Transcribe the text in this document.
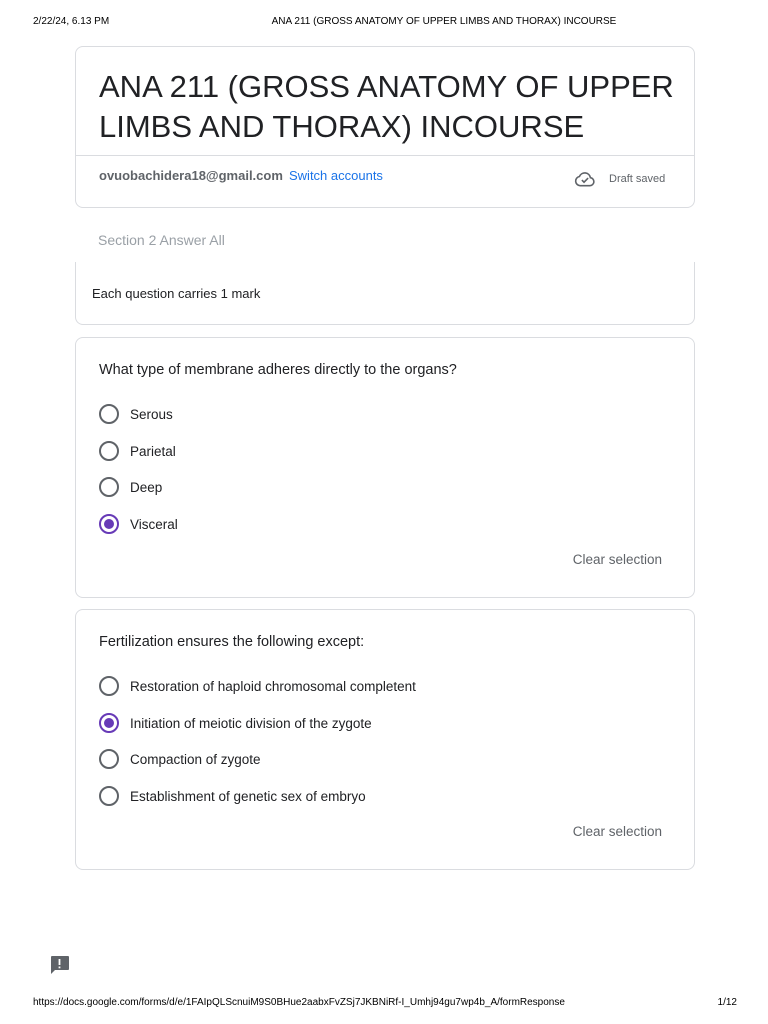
2/22/24, 6.13 PM	ANA 211 (GROSS ANATOMY OF UPPER LIMBS AND THORAX) INCOURSE
ANA 211 (GROSS ANATOMY OF UPPER LIMBS AND THORAX) INCOURSE
ovuobachidera18@gmail.com Switch accounts	Draft saved
Section 2 Answer All
Each question carries 1 mark
What type of membrane adheres directly to the organs?
Serous
Parietal
Deep
Visceral
Clear selection
Fertilization ensures the following except:
Restoration of haploid chromosomal completent
Initiation of meiotic division of the zygote
Compaction of zygote
Establishment of genetic sex of embryo
Clear selection
https://docs.google.com/forms/d/e/1FAIpQLScnuiM9S0BHue2aabxFvZSj7JKBNiRf-I_Umhj94gu7wp4b_A/formResponse	1/12
